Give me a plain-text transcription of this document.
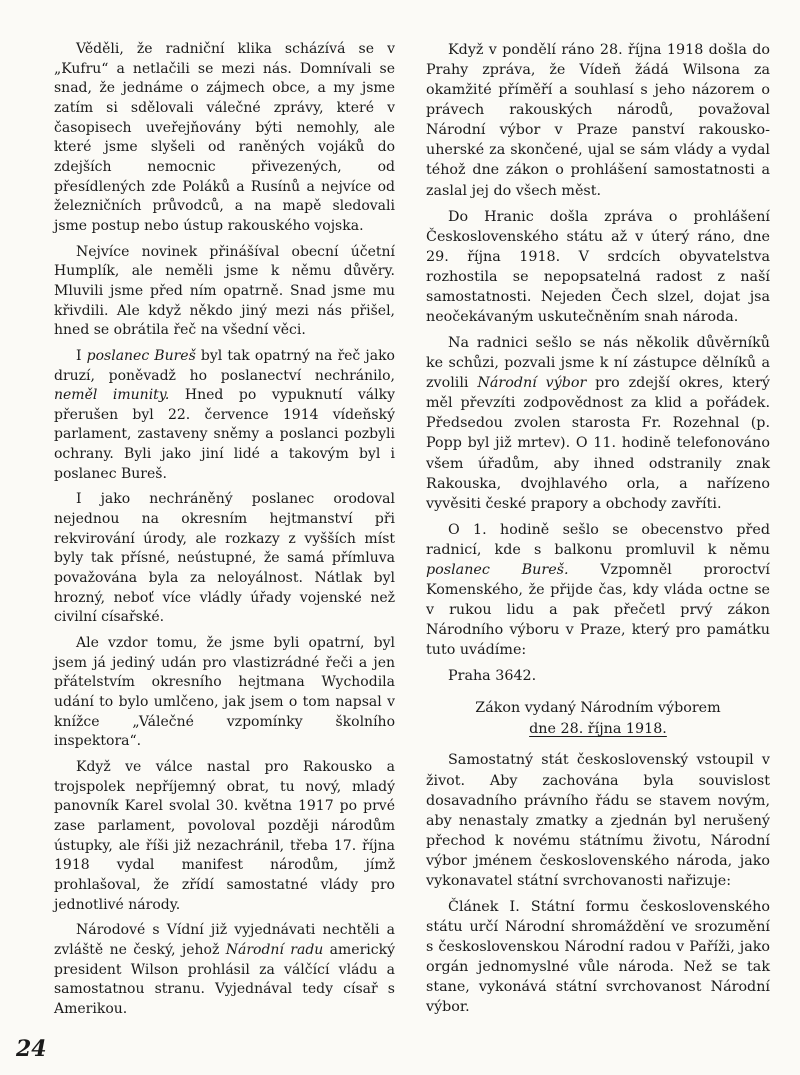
Věděli, že radniční klika scházívá se v „Kufru“ a netlačili se mezi nás. Domnívali se snad, že jednáme o zájmech obce, a my jsme zatím si sdělovali válečné zprávy, které v časopisech uveřejňovány býti nemohly, ale které jsme slyšeli od raněných vojáků do zdejších nemocnic přivezených, od přesídlených zde Poláků a Rusínů a nejvíce od železničních průvodců, a na mapě sledovali jsme postup nebo ústup rakouského vojska.

Nejvíce novinek přinášíval obecní účetní Humplík, ale neměli jsme k němu důvěry. Mluvili jsme před ním opatrně. Snad jsme mu křivdili. Ale když někdo jiný mezi nás přišel, hned se obrátila řeč na všední věci.

I poslanec Bureš byl tak opatrný na řeč jako druzí, poněvadž ho poslanectví nechránilo, neměl imunity. Hned po vypuknutí války přerušen byl 22. července 1914 vídeňský parlament, zastaveny sněmy a poslanci pozbyli ochrany. Byli jako jiní lidé a takovým byl i poslanec Bureš.

I jako nechráněný poslanec orodoval nejednou na okresním hejtmanství při rekvirování úrody, ale rozkazy z vyšších míst byly tak přísné, neústupné, že samá přímluva považována byla za neloyálnost. Nátlak byl hrozný, neboť více vládly úřady vojenské než civilní císařské.

Ale vzdor tomu, že jsme byli opatrní, byl jsem já jediný udán pro vlastizrádné řeči a jen přátelstvím okresního hejtmana Wychodila udání to bylo umlčeno, jak jsem o tom napsal v knížce „Válečné vzpomínky školního inspektora“.

Když ve válce nastal pro Rakousko a trojspolek nepříjemný obrat, tu nový, mladý panovník Karel svolal 30. května 1917 po prvé zase parlament, povoloval později národům ústupky, ale říši již nezachránil, třeba 17. října 1918 vydal manifest národům, jímž prohlašoval, že zřídí samostatné vlády pro jednotlivé národy.

Národové s Vídní již vyjednávati nechtěli a zvláště ne český, jehož Národní radu americký president Wilson prohlásil za válčící vládu a samostatnou stranu. Vyjednával tedy císař s Amerikou.

Když v pondělí ráno 28. října 1918 došla do Prahy zpráva, že Vídeň žádá Wilsona za okamžité příměří a souhlasí s jeho názorem o právech rakouských národů, považoval Národní výbor v Praze panství rakousko-uherské za skončené, ujal se sám vlády a vydal téhož dne zákon o prohlášení samostatnosti a zaslal jej do všech měst.

Do Hranic došla zpráva o prohlášení Československého státu až v úterý ráno, dne 29. října 1918. V srdcích obyvatelstva rozhostila se nepopsatelná radost z naší samostatnosti. Nejeden Čech slzel, dojat jsa neočekávaným uskutečněním snah národa.

Na radnici sešlo se nás několik důvěrníků ke schůzi, pozvali jsme k ní zástupce dělníků a zvolili Národní výbor pro zdejší okres, který měl převzíti zodpovědnost za klid a pořádek. Předsedou zvolen starosta Fr. Rozehnal (p. Popp byl již mrtev). O 11. hodině telefonováno všem úřadům, aby ihned odstranily znak Rakouska, dvojhlavého orla, a nařízeno vyvěsiti české prapory a obchody zavříti.

O 1. hodině sešlo se obecenstvo před radnicí, kde s balkonu promluvil k němu poslanec Bureš. Vzpomněl proroctví Komenského, že přijde čas, kdy vláda octne se v rukou lidu a pak přečetl prvý zákon Národního výboru v Praze, který pro památku tuto uvádíme:

Praha 3642.

Zákon vydaný Národním výborem
dne 28. října 1918.

Samostatný stát československý vstoupil v život. Aby zachována byla souvislost dosavadního právního řádu se stavem novým, aby nenastaly zmatky a zjednán byl nerušený přechod k novému státnímu životu, Národní výbor jménem československého národa, jako vykonavatel státní svrchovanosti nařizuje:

Článek I. Státní formu československého státu určí Národní shromáždění ve srozumění s československou Národní radou v Paříži, jako orgán jednomyslné vůle národa. Než se tak stane, vykonává státní svrchovanost Národní výbor.

24
